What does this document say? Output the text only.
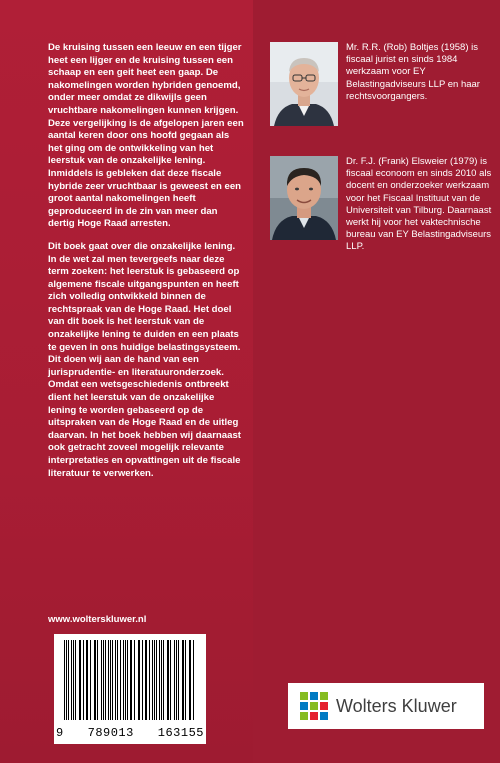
De kruising tussen een leeuw en een tijger heet een lijger en de kruising tussen een schaap en een geit heet een gaap. De nakomelingen worden hybriden genoemd, onder meer omdat ze dikwijls geen vruchtbare nakomelingen kunnen krijgen. Deze vergelijking is de afgelopen jaren een aantal keren door ons hoofd gegaan als het ging om de ontwikkeling van het leerstuk van de onzakelijke lening. Inmiddels is gebleken dat deze fiscale hybride zeer vruchtbaar is geweest en een groot aantal nakomelingen heeft geproduceerd in de zin van meer dan dertig Hoge Raad arresten.

Dit boek gaat over die onzakelijke lening. In de wet zal men tevergeefs naar deze term zoeken: het leerstuk is gebaseerd op algemene fiscale uitgangspunten en heeft zich volledig ontwikkeld binnen de rechtspraak van de Hoge Raad. Het doel van dit boek is het leerstuk van de onzakelijke lening te duiden en een plaats te geven in ons huidige belastingsysteem. Dit doen wij aan de hand van een jurisprudentie- en literatuuronderzoek. Omdat een wetsgeschiedenis ontbreekt dient het leerstuk van de onzakelijke lening te worden gebaseerd op de uitspraken van de Hoge Raad en de uitleg daarvan. In het boek hebben wij daarnaast ook getracht zoveel mogelijk relevante interpretaties en opvattingen uit de fiscale literatuur te verwerken.

www.wolterskluwer.nl
9 789013 163155
Mr. R.R. (Rob) Boltjes (1958) is fiscaal jurist en sinds 1984 werkzaam voor EY Belastingadviseurs LLP en haar rechtsvoorgangers.
Dr. F.J. (Frank) Elsweier (1979) is fiscaal econoom en sinds 2010 als docent en onderzoeker werkzaam voor het Fiscaal Instituut van de Universiteit van Tilburg. Daarnaast werkt hij voor het vaktechnische bureau van EY Belastingadviseurs LLP.
Wolters Kluwer
